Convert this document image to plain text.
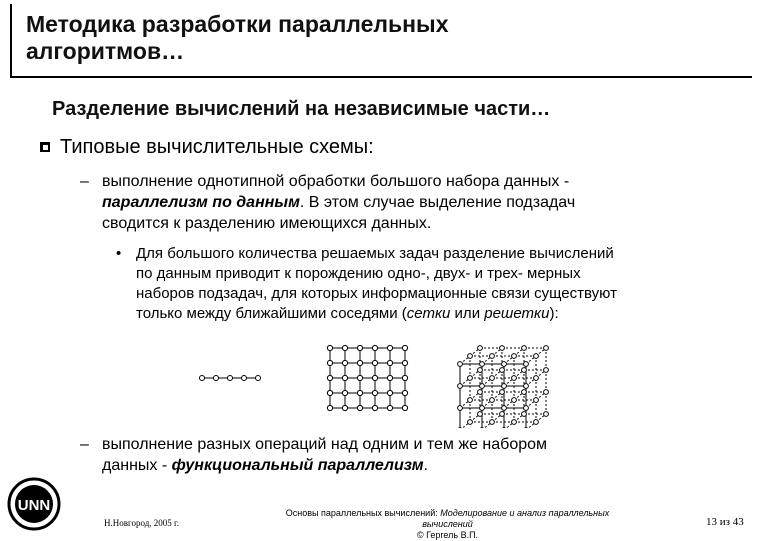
Методика разработки параллельных
алгоритмов…
Разделение вычислений на независимые части…
Типовые вычислительные схемы:
– выполнение однотипной обработки большого набора данных -
параллелизм по данным. В этом случае выделение подзадач
сводится к разделению имеющихся данных.
• Для большого количества решаемых задач разделение вычислений
по данным приводит к порождению одно-, двух- и трех- мерных
наборов подзадач, для которых информационные связи существуют
только между ближайшими соседями (сетки или решетки):
– выполнение разных операций над одним и тем же набором
данных - функциональный параллелизм.
UNN
Н.Новгород, 2005 г.
Основы параллельных вычислений: Моделирование и анализ параллельных
вычислений
© Гергель В.П.
13 из 43
